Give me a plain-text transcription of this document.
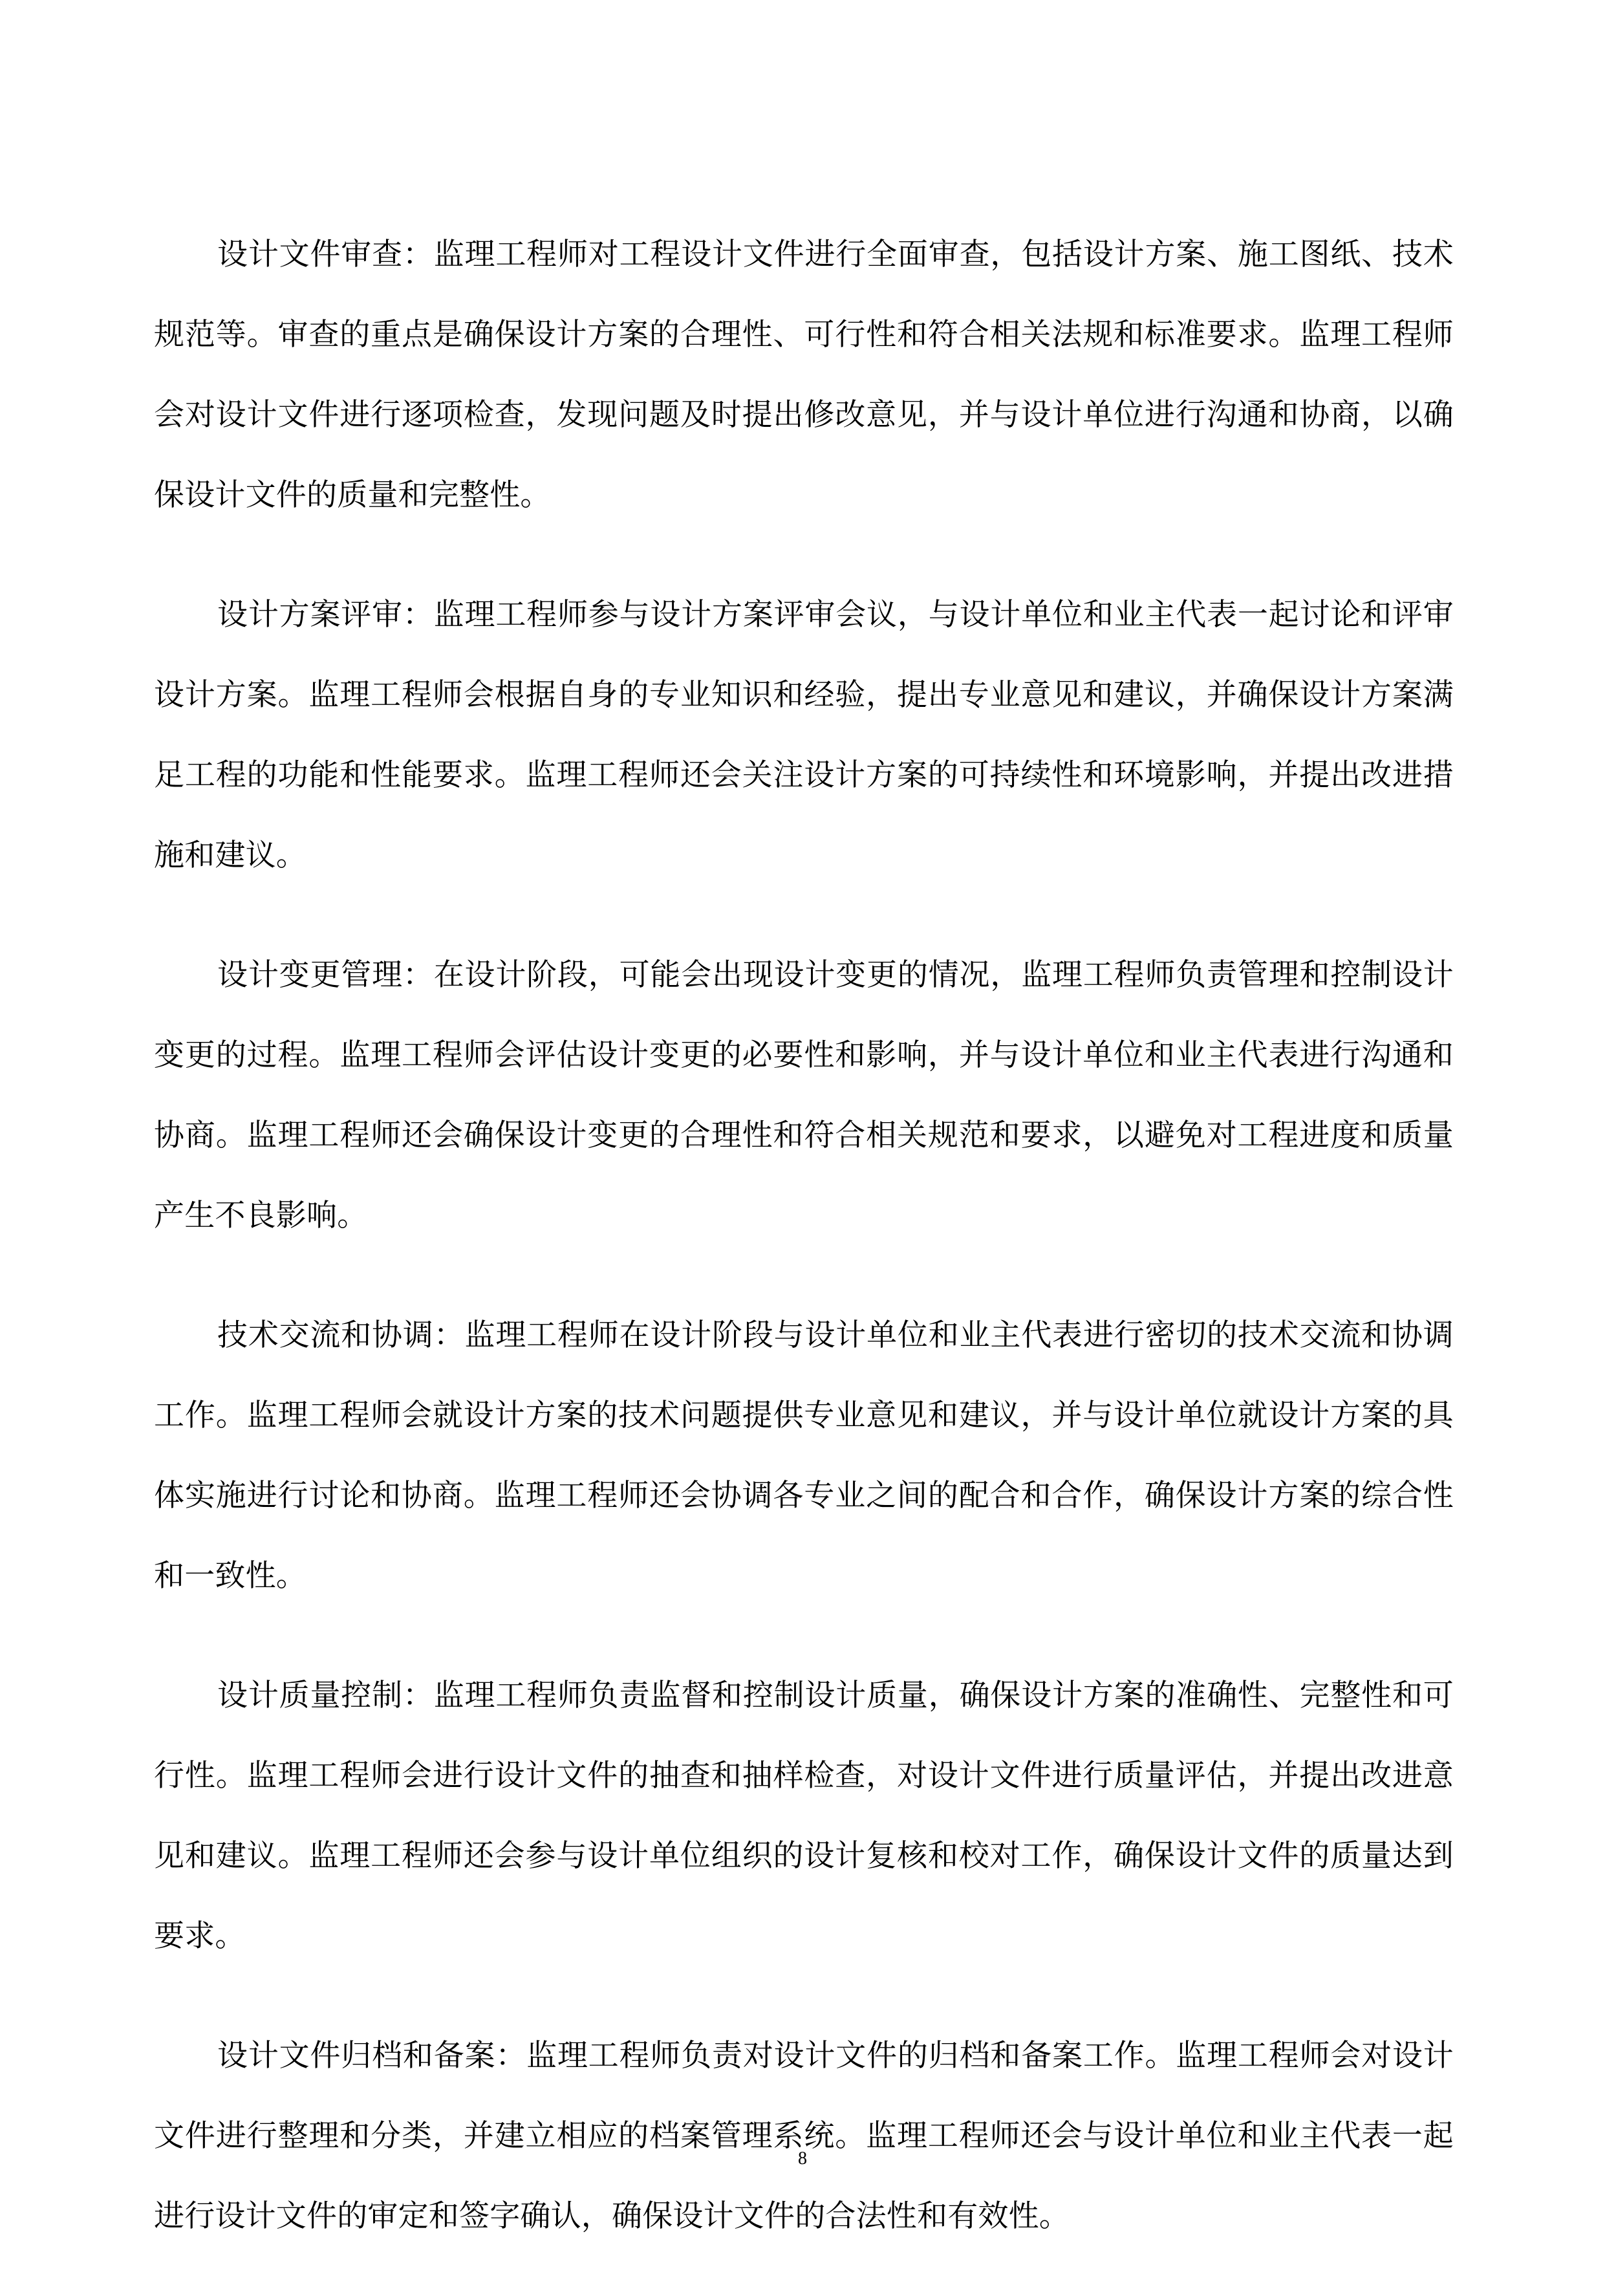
设计文件审查：监理工程师对工程设计文件进行全面审查，包括设计方案、施工图纸、技术规范等。审查的重点是确保设计方案的合理性、可行性和符合相关法规和标准要求。监理工程师会对设计文件进行逐项检查，发现问题及时提出修改意见，并与设计单位进行沟通和协商，以确保设计文件的质量和完整性。

设计方案评审：监理工程师参与设计方案评审会议，与设计单位和业主代表一起讨论和评审设计方案。监理工程师会根据自身的专业知识和经验，提出专业意见和建议，并确保设计方案满足工程的功能和性能要求。监理工程师还会关注设计方案的可持续性和环境影响，并提出改进措施和建议。

设计变更管理：在设计阶段，可能会出现设计变更的情况，监理工程师负责管理和控制设计变更的过程。监理工程师会评估设计变更的必要性和影响，并与设计单位和业主代表进行沟通和协商。监理工程师还会确保设计变更的合理性和符合相关规范和要求，以避免对工程进度和质量产生不良影响。

技术交流和协调：监理工程师在设计阶段与设计单位和业主代表进行密切的技术交流和协调工作。监理工程师会就设计方案的技术问题提供专业意见和建议，并与设计单位就设计方案的具体实施进行讨论和协商。监理工程师还会协调各专业之间的配合和合作，确保设计方案的综合性和一致性。

设计质量控制：监理工程师负责监督和控制设计质量，确保设计方案的准确性、完整性和可行性。监理工程师会进行设计文件的抽查和抽样检查，对设计文件进行质量评估，并提出改进意见和建议。监理工程师还会参与设计单位组织的设计复核和校对工作，确保设计文件的质量达到要求。

设计文件归档和备案：监理工程师负责对设计文件的归档和备案工作。监理工程师会对设计文件进行整理和分类，并建立相应的档案管理系统。监理工程师还会与设计单位和业主代表一起进行设计文件的审定和签字确认，确保设计文件的合法性和有效性。

8
